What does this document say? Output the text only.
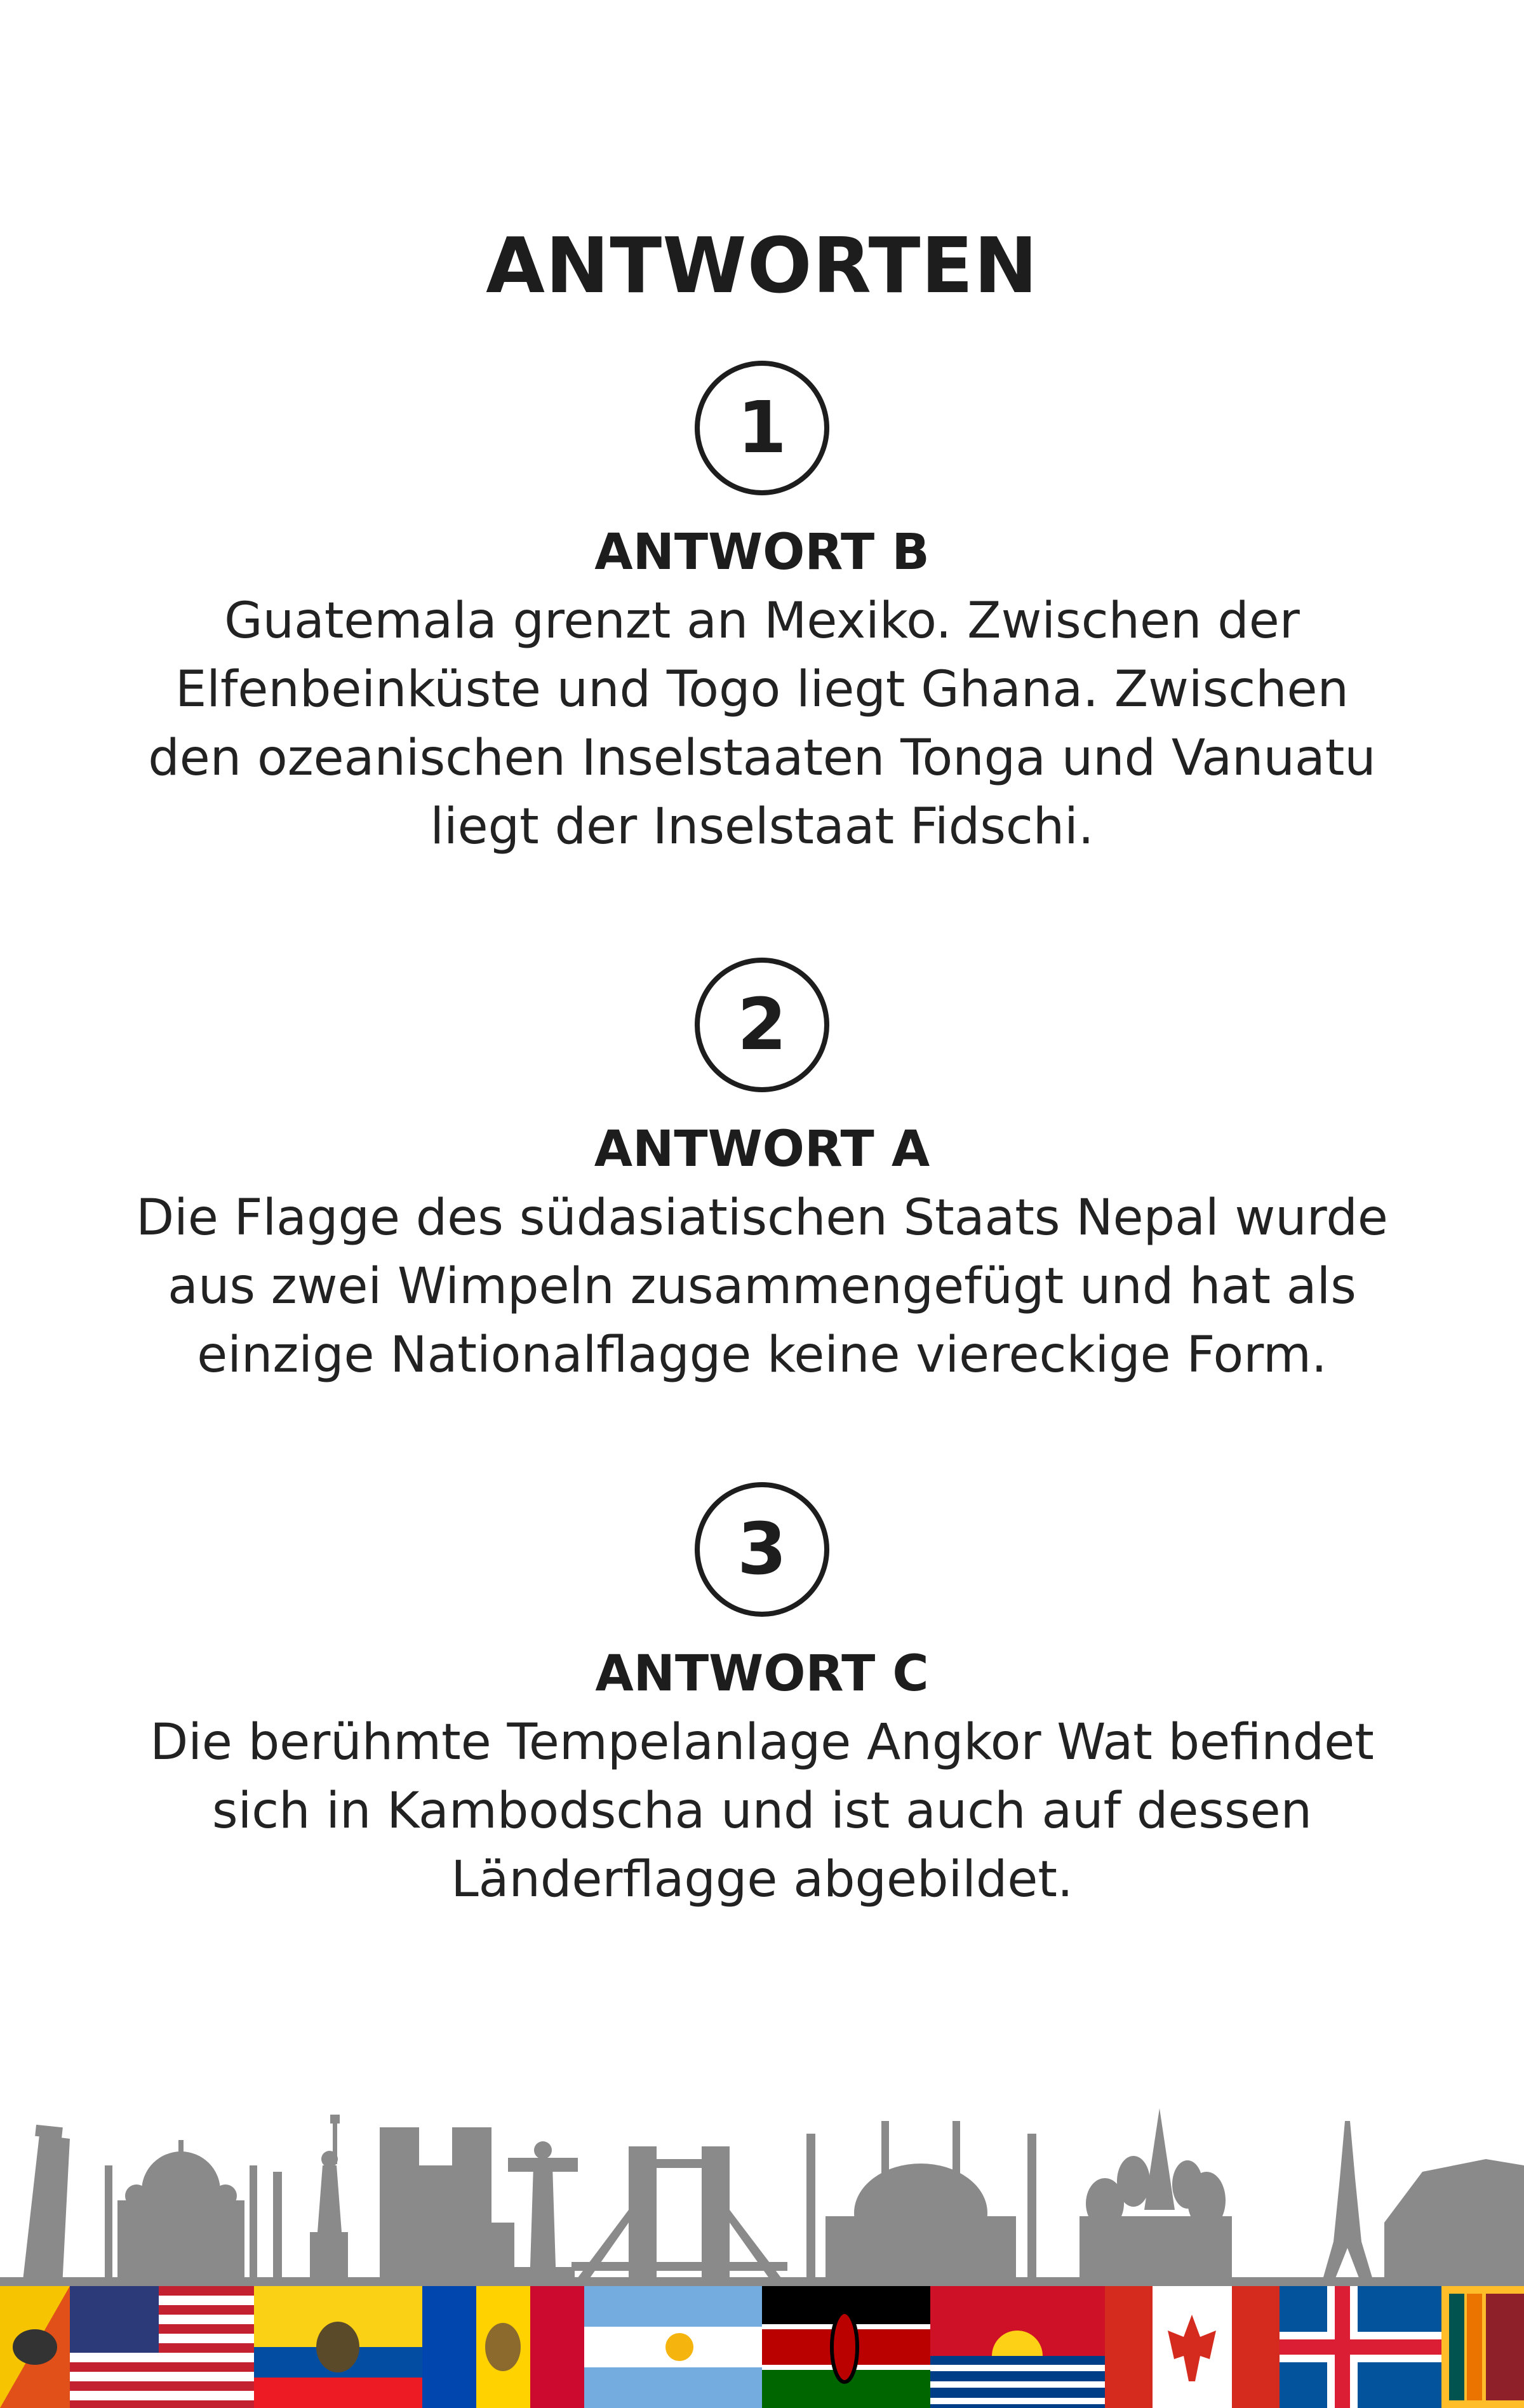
ANTWORTEN
1
ANTWORT B
Guatemala grenzt an Mexiko. Zwischen der
Elfenbeinküste und Togo liegt Ghana. Zwischen
den ozeanischen Inselstaaten Tonga und Vanuatu
liegt der Inselstaat Fidschi.
2
ANTWORT A
Die Flagge des südasiatischen Staats Nepal wurde
aus zwei Wimpeln zusammengefügt und hat als
einzige Nationalflagge keine viereckige Form.
3
ANTWORT C
Die berühmte Tempelanlage Angkor Wat befindet
sich in Kambodscha und ist auch auf dessen
Länderflagge abgebildet.
